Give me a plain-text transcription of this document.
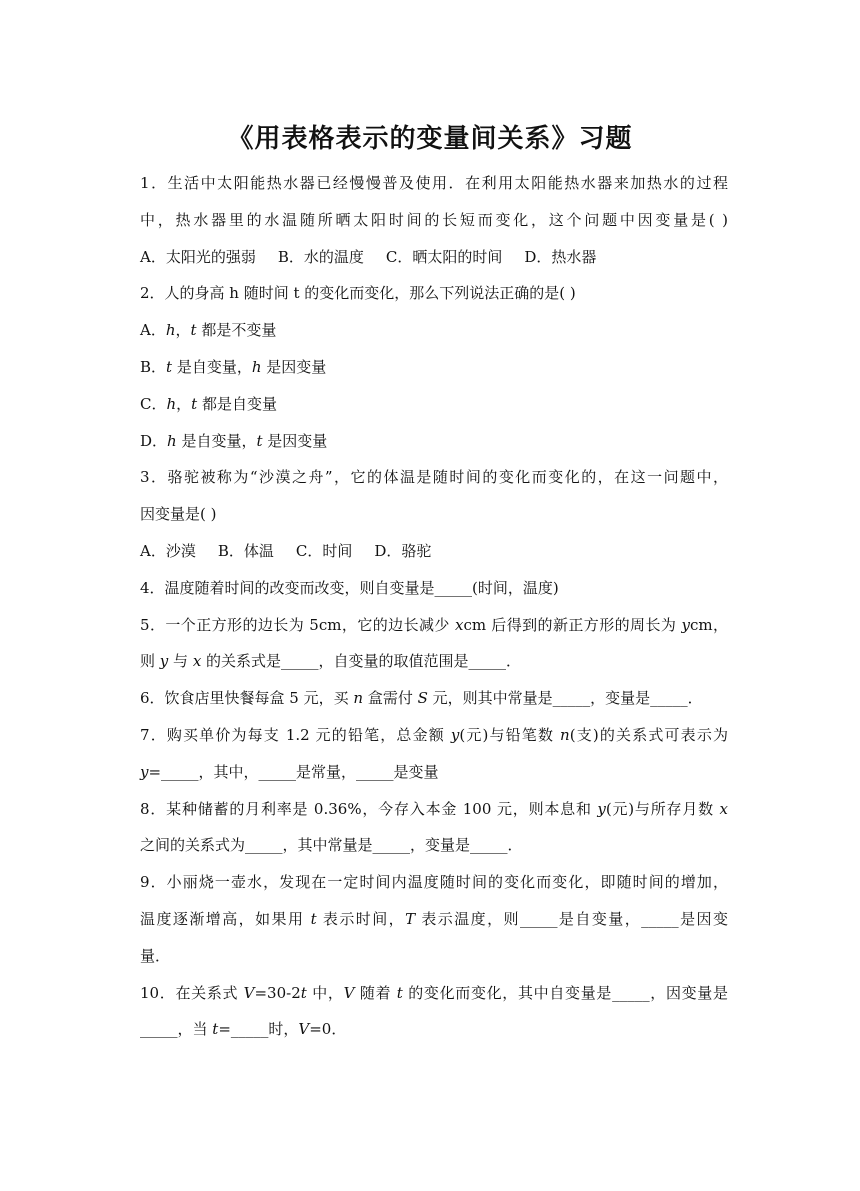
《用表格表示的变量间关系》习题
1．生活中太阳能热水器已经慢慢普及使用．在利用太阳能热水器来加热水的过程
中，热水器里的水温随所晒太阳时间的长短而变化，这个问题中因变量是( )
A．太阳光的强弱 B．水的温度 C．晒太阳的时间 D．热水器
2．人的身高 h 随时间 t 的变化而变化，那么下列说法正确的是( )
A．h，t 都是不变量
B．t 是自变量，h 是因变量
C．h，t 都是自变量
D．h 是自变量，t 是因变量
3．骆驼被称为“沙漠之舟”，它的体温是随时间的变化而变化的，在这一问题中，
因变量是( )
A．沙漠 B．体温 C．时间 D．骆驼
4．温度随着时间的改变而改变，则自变量是_____(时间，温度)
5．一个正方形的边长为 5cm，它的边长减少 xcm 后得到的新正方形的周长为 ycm，
则 y 与 x 的关系式是_____，自变量的取值范围是_____．
6．饮食店里快餐每盒 5 元，买 n 盒需付 S 元，则其中常量是_____，变量是_____．
7．购买单价为每支 1.2 元的铅笔，总金额 y(元)与铅笔数 n(支)的关系式可表示为
y=_____，其中，_____是常量，_____是变量
8．某种储蓄的月利率是 0.36%，今存入本金 100 元，则本息和 y(元)与所存月数 x
之间的关系式为_____，其中常量是_____，变量是_____．
9．小丽烧一壶水，发现在一定时间内温度随时间的变化而变化，即随时间的增加，
温度逐渐增高，如果用 t 表示时间，T 表示温度，则_____是自变量，_____是因变
量．
10．在关系式 V=30-2t 中，V 随着 t 的变化而变化，其中自变量是_____，因变量是
_____，当 t=_____时，V=0．
